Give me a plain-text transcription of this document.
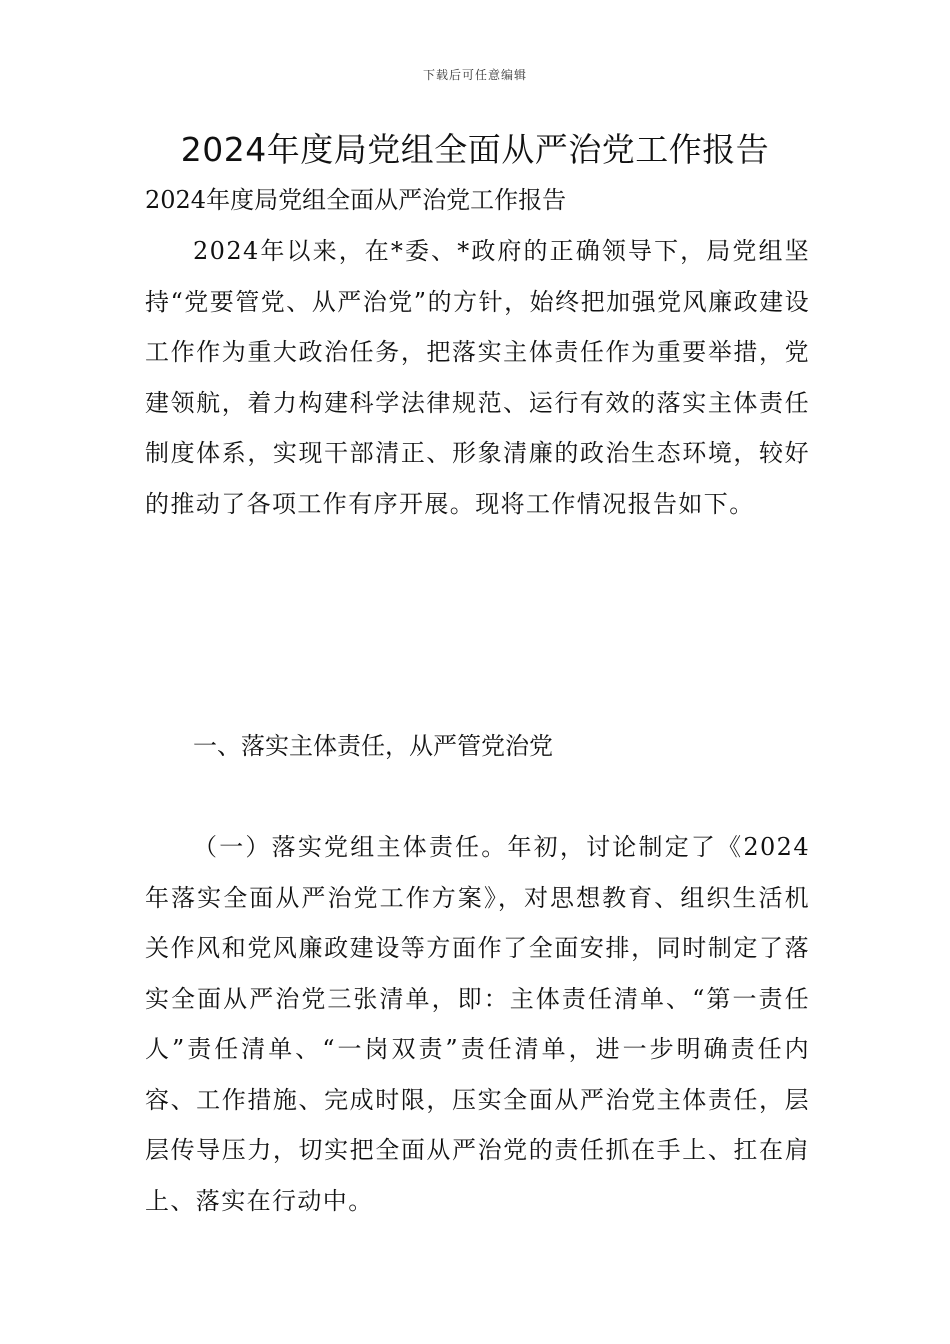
下载后可任意编辑
2024年度局党组全面从严治党工作报告

2024年度局党组全面从严治党工作报告

2024年以来，在*委、*政府的正确领导下，局党组坚持“党要管党、从严治党”的方针，始终把加强党风廉政建设工作作为重大政治任务，把落实主体责任作为重要举措，党建领航，着力构建科学法律规范、运行有效的落实主体责任制度体系，实现干部清正、形象清廉的政治生态环境，较好的推动了各项工作有序开展。现将工作情况报告如下。

一、落实主体责任，从严管党治党

（一）落实党组主体责任。年初，讨论制定了《2024年落实全面从严治党工作方案》，对思想教育、组织生活机关作风和党风廉政建设等方面作了全面安排，同时制定了落实全面从严治党三张清单，即：主体责任清单、“第一责任人”责任清单、“一岗双责”责任清单，进一步明确责任内容、工作措施、完成时限，压实全面从严治党主体责任，层层传导压力，切实把全面从严治党的责任抓在手上、扛在肩上、落实在行动中。
